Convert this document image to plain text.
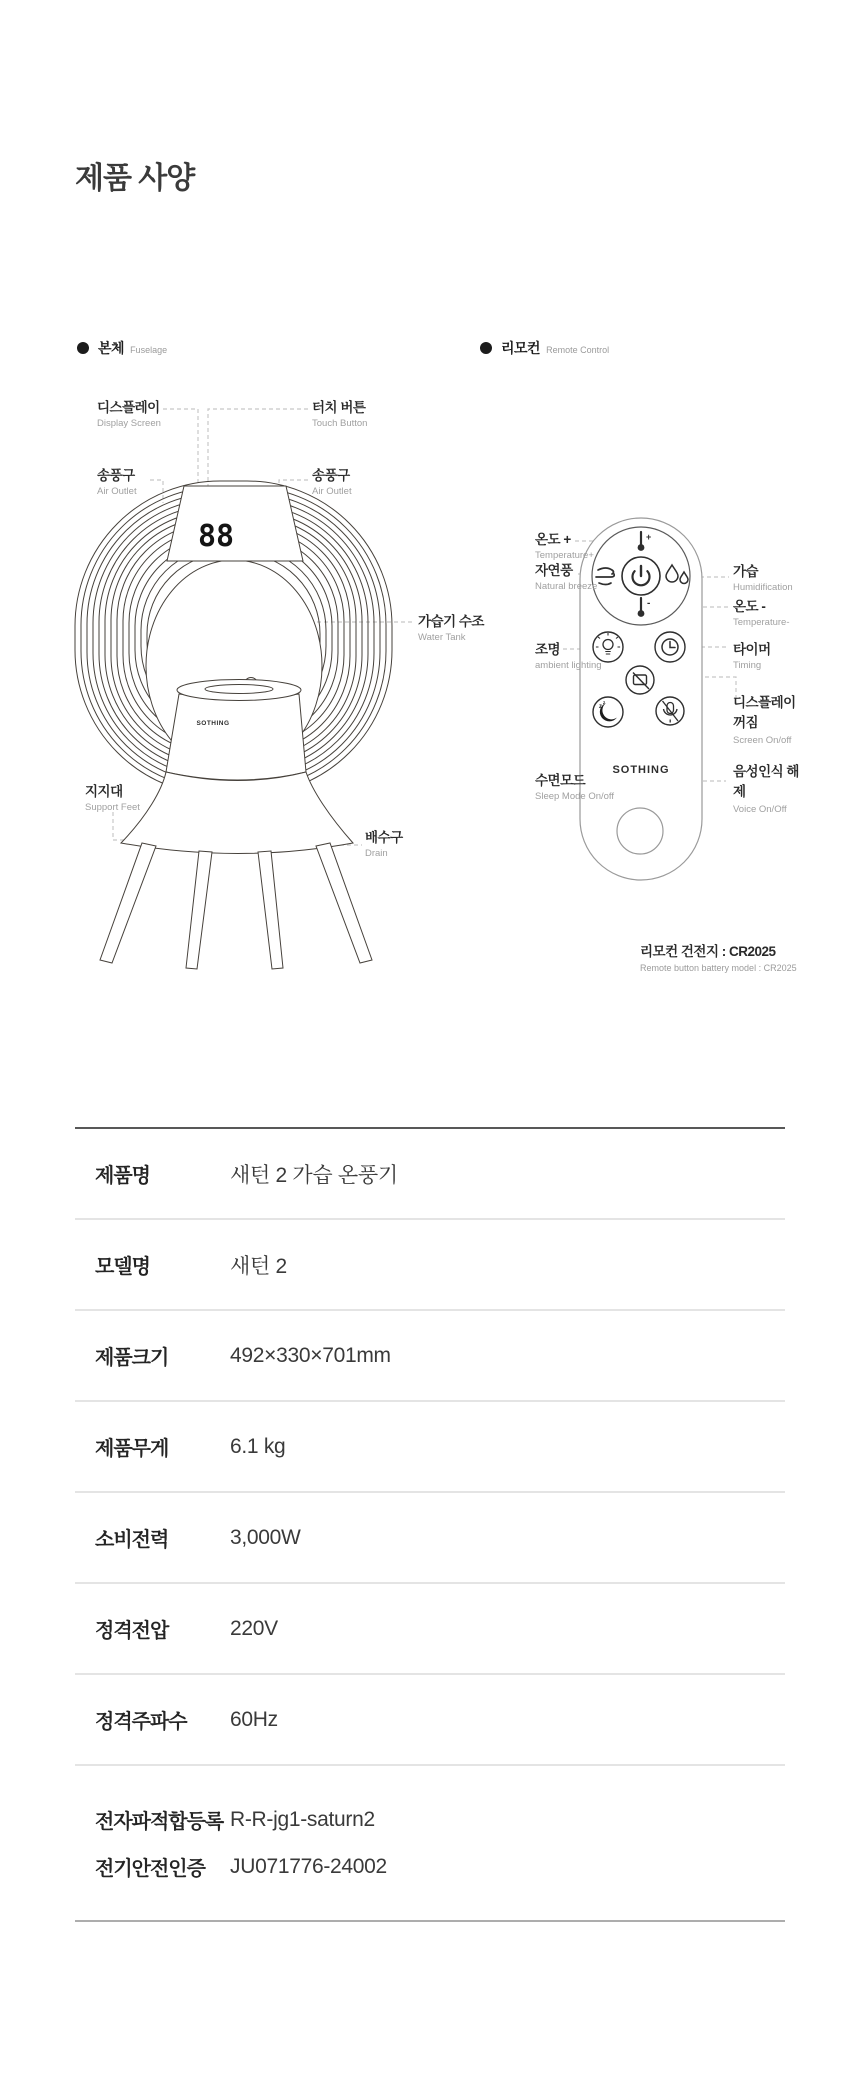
제품 사양
본체 Fuselage	리모컨 Remote Control
88
SOTHING
+
-
z
z
SOTHING
디스플레이
Display Screen
터치 버튼
Touch Button
송풍구
Air Outlet
송풍구
Air Outlet
가습기 수조
Water Tank
지지대
Support Feet
배수구
Drain
온도 +
Temperature+
자연풍
Natural breeze
가습
Humidification
온도 -
Temperature-
조명
ambient lighting
타이머
Timing
디스플레이 꺼짐
Screen On/off
수면모드
Sleep Mode On/off
음성인식 해제
Voice On/Off
리모컨 건전지 : CR2025
Remote button battery model : CR2025
제품명	새턴 2 가습 온풍기
모델명	새턴 2
제품크기	492×330×701mm
제품무게	6.1 kg
소비전력	3,000W
정격전압	220V
정격주파수	60Hz
전자파적합등록 R-R-jg1-saturn2
전기안전인증	JU071776-24002
